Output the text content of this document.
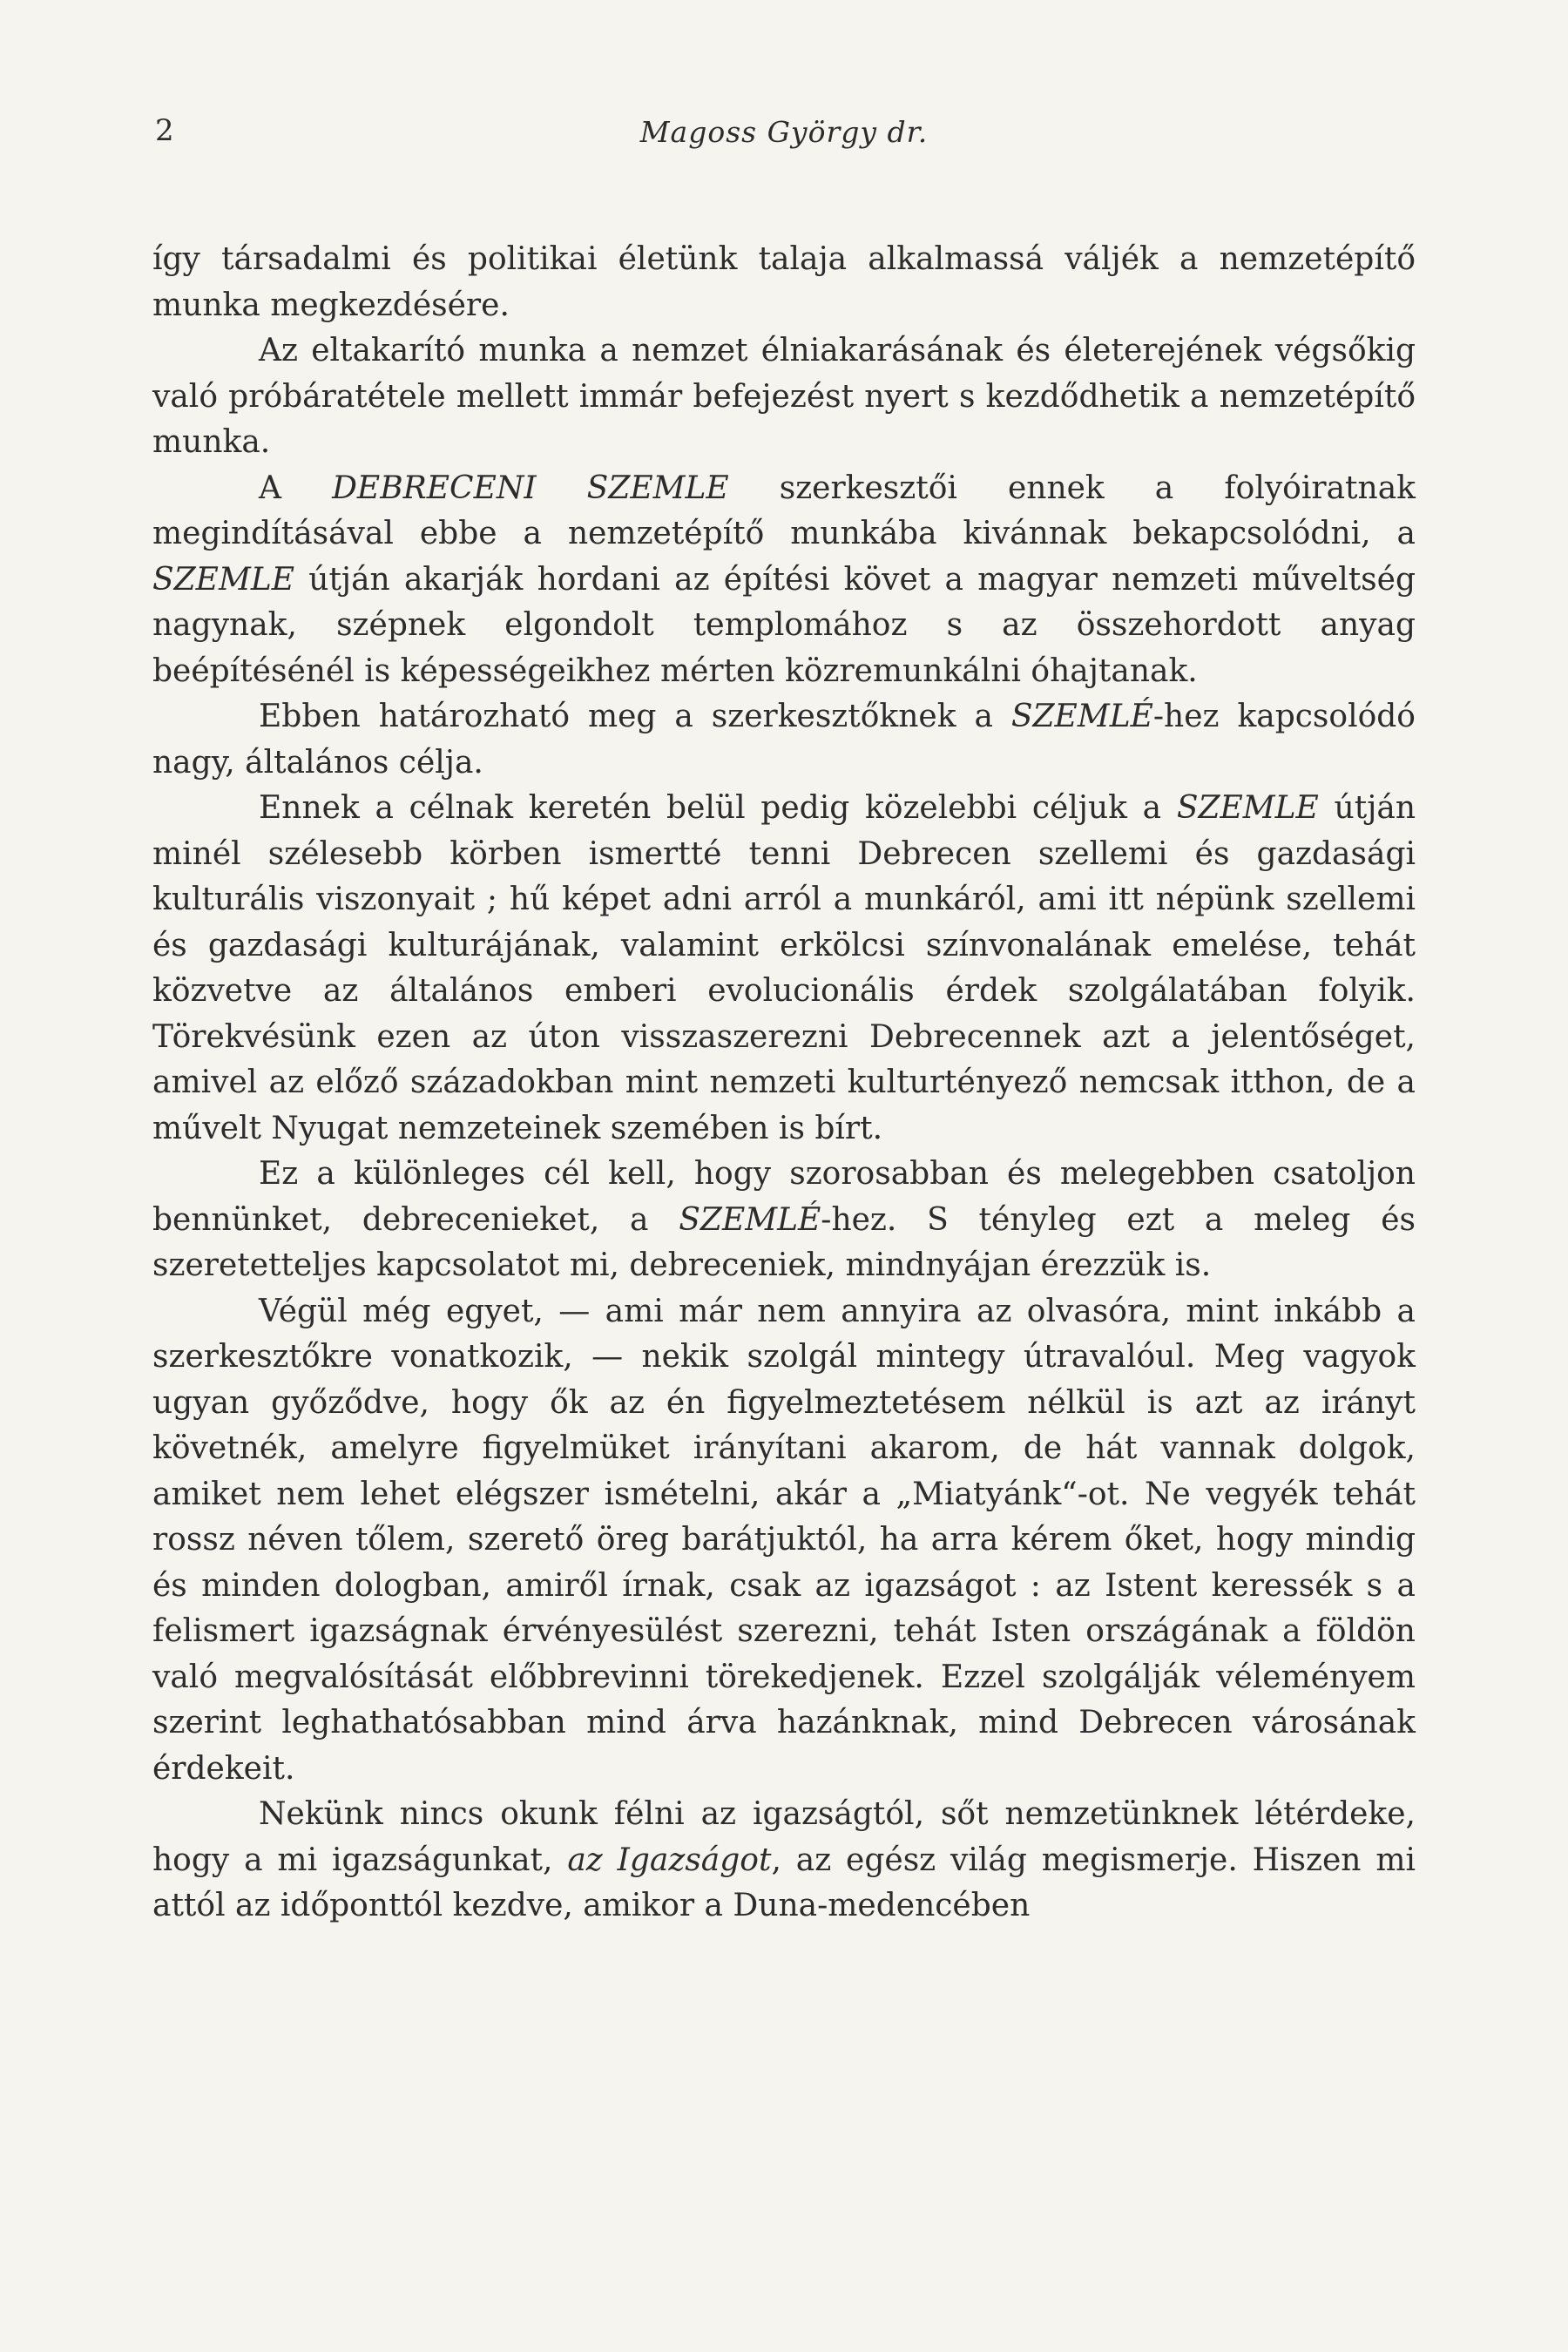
2	Magoss György dr.

így társadalmi és politikai életünk talaja alkalmassá váljék a nemzetépítő munka megkezdésére.

Az eltakarító munka a nemzet élniakarásának és életerejének végsőkig való próbáratétele mellett immár befejezést nyert s kezdődhetik a nemzetépítő munka.

A DEBRECENI SZEMLE szerkesztői ennek a folyóiratnak megindításával ebbe a nemzetépítő munkába kivánnak bekapcsolódni, a SZEMLE útján akarják hordani az építési követ a magyar nemzeti műveltség nagynak, szépnek elgondolt templomához s az összehordott anyag beépítésénél is képességeikhez mérten közremunkálni óhajtanak.

Ebben határozható meg a szerkesztőknek a SZEMLÉ-hez kapcsolódó nagy, általános célja.

Ennek a célnak keretén belül pedig közelebbi céljuk a SZEMLE útján minél szélesebb körben ismertté tenni Debrecen szellemi és gazdasági kulturális viszonyait ; hű képet adni arról a munkáról, ami itt népünk szellemi és gazdasági kulturájának, valamint erkölcsi színvonalának emelése, tehát közvetve az általános emberi evolucionális érdek szolgálatában folyik. Törekvésünk ezen az úton visszaszerezni Debrecennek azt a jelentőséget, amivel az előző századokban mint nemzeti kulturtényező nemcsak itthon, de a művelt Nyugat nemzeteinek szemében is bírt.

Ez a különleges cél kell, hogy szorosabban és melegebben csatoljon bennünket, debrecenieket, a SZEMLÉ-hez. S tényleg ezt a meleg és szeretetteljes kapcsolatot mi, debreceniek, mindnyájan érezzük is.

Végül még egyet, — ami már nem annyira az olvasóra, mint inkább a szerkesztőkre vonatkozik, — nekik szolgál mintegy útravalóul. Meg vagyok ugyan győződve, hogy ők az én figyelmeztetésem nélkül is azt az irányt követnék, amelyre figyelmüket irányítani akarom, de hát vannak dolgok, amiket nem lehet elégszer ismételni, akár a „Miatyánk“-ot. Ne vegyék tehát rossz néven tőlem, szerető öreg barátjuktól, ha arra kérem őket, hogy mindig és minden dologban, amiről írnak, csak az igazságot : az Istent keressék s a felismert igazságnak érvényesülést szerezni, tehát Isten országának a földön való megvalósítását előbbrevinni törekedjenek. Ezzel szolgálják véleményem szerint leghathatósabban mind árva hazánknak, mind Debrecen városának érdekeit.

Nekünk nincs okunk félni az igazságtól, sőt nemzetünknek létérdeke, hogy a mi igazságunkat, az Igazságot, az egész világ megismerje. Hiszen mi attól az időponttól kezdve, amikor a Duna-medencében
